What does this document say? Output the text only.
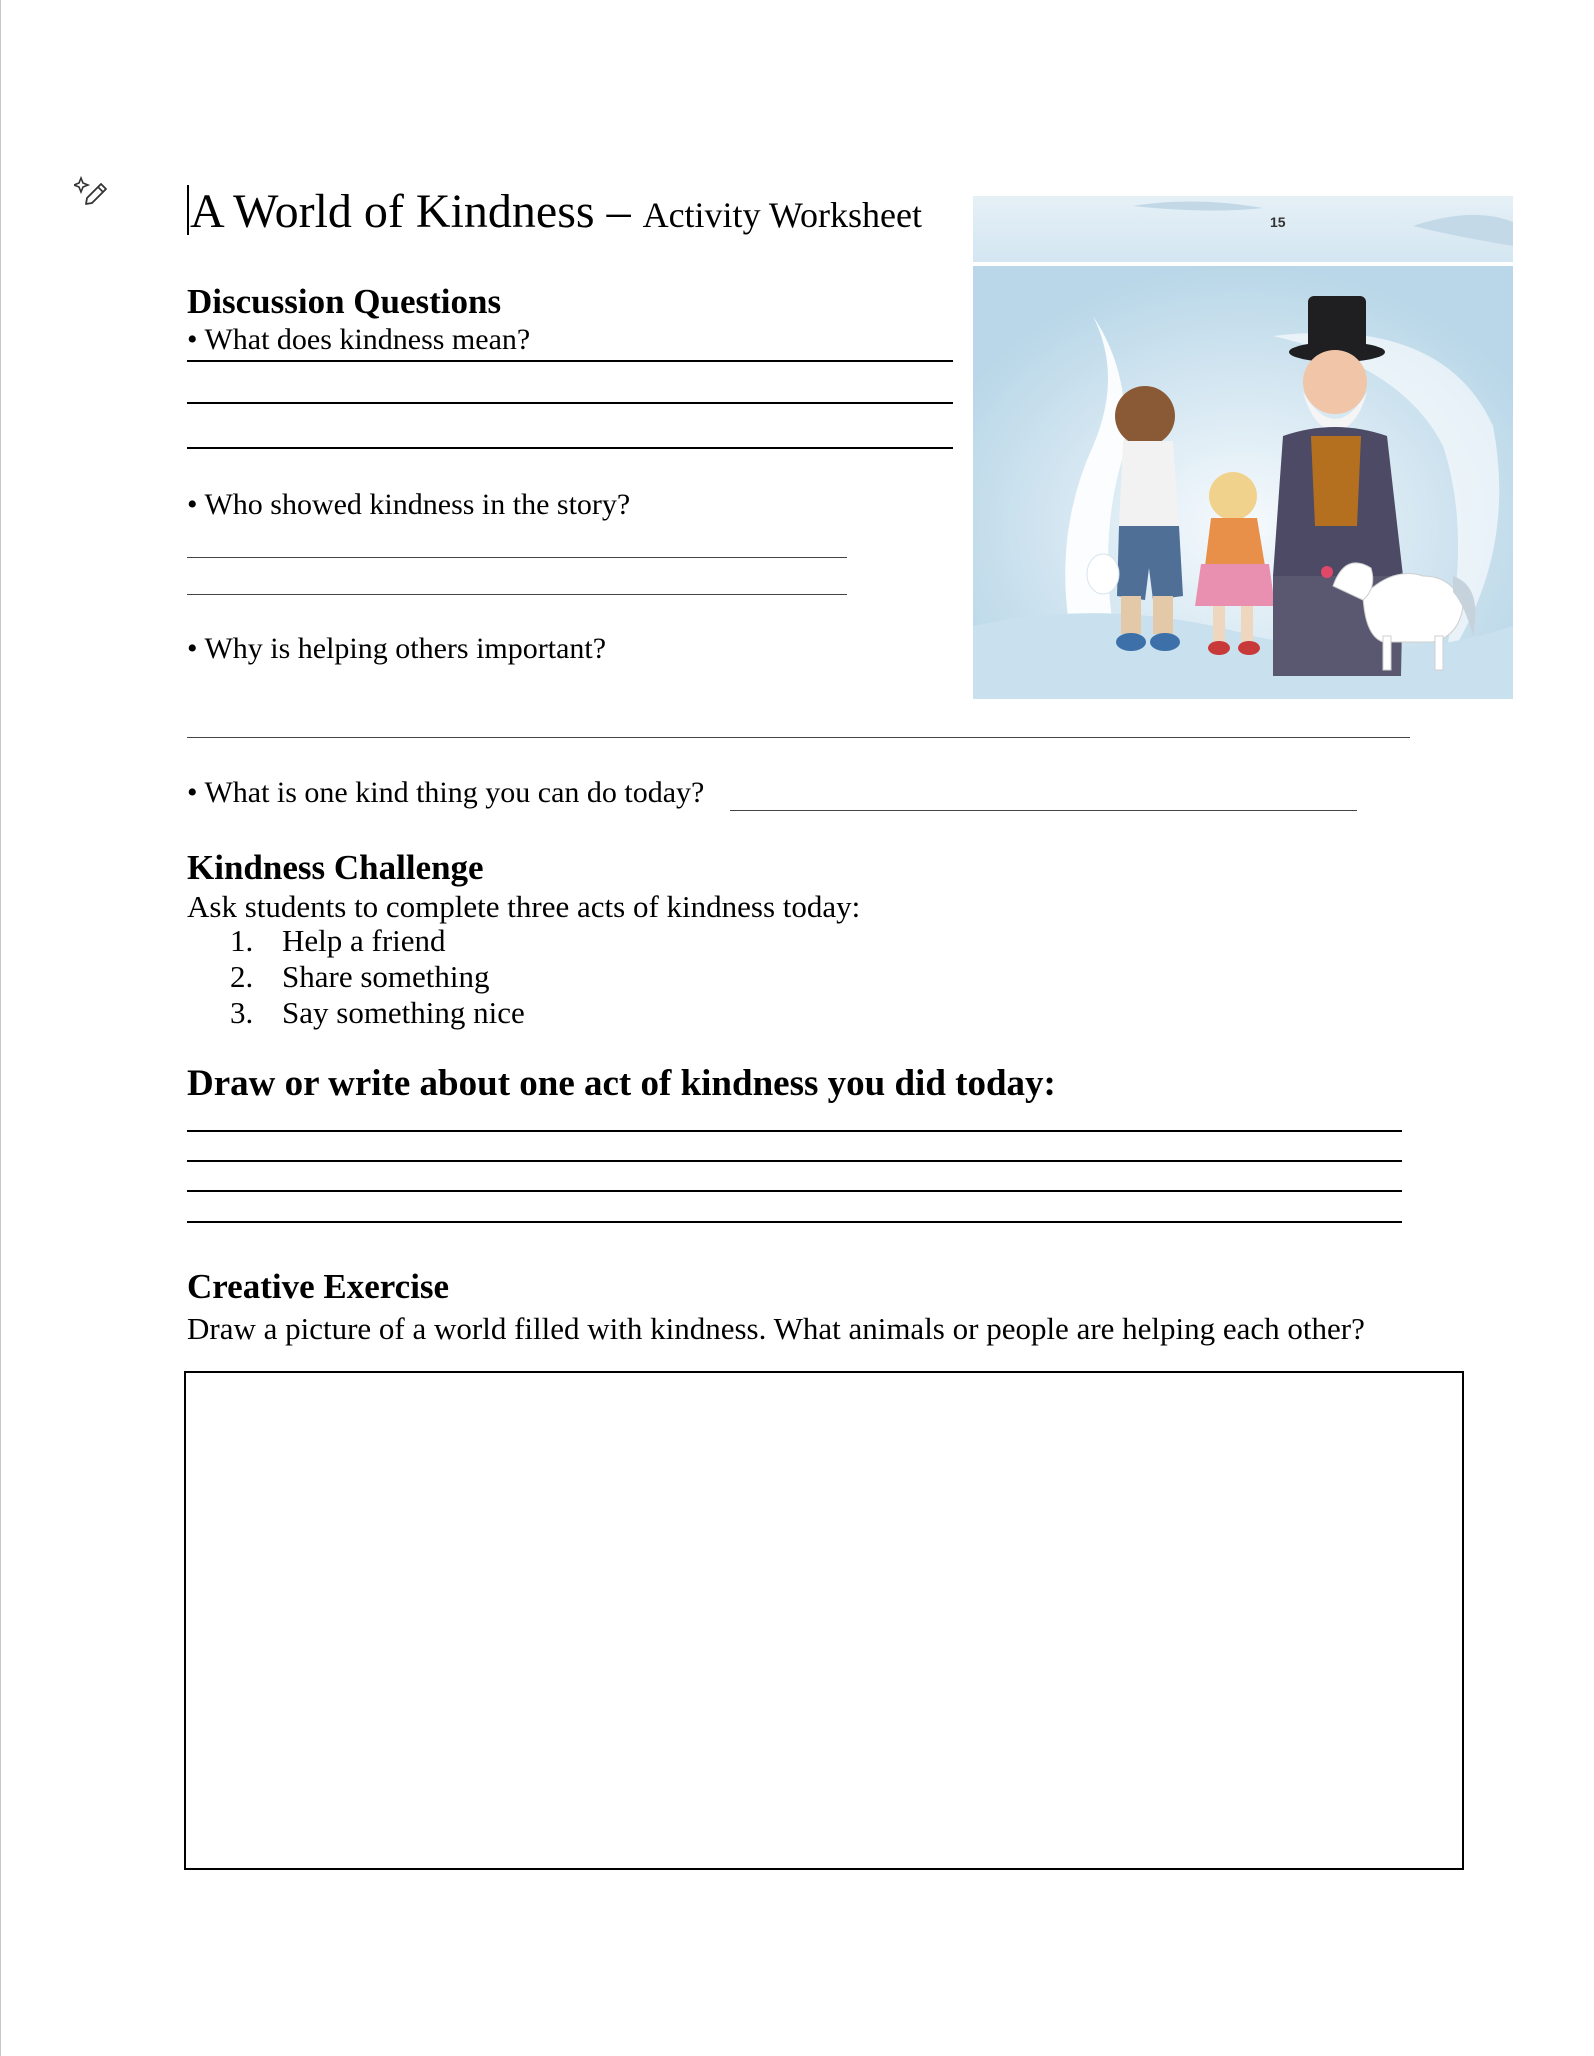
A World of Kindness – Activity Worksheet	15
Discussion Questions
• What does kindness mean?
• Who showed kindness in the story?
• Why is helping others important?
• What is one kind thing you can do today?
Kindness Challenge
Ask students to complete three acts of kindness today:
1. Help a friend
2. Share something
3. Say something nice
Draw or write about one act of kindness you did today:
Creative Exercise
Draw a picture of a world filled with kindness. What animals or people are helping each other?
